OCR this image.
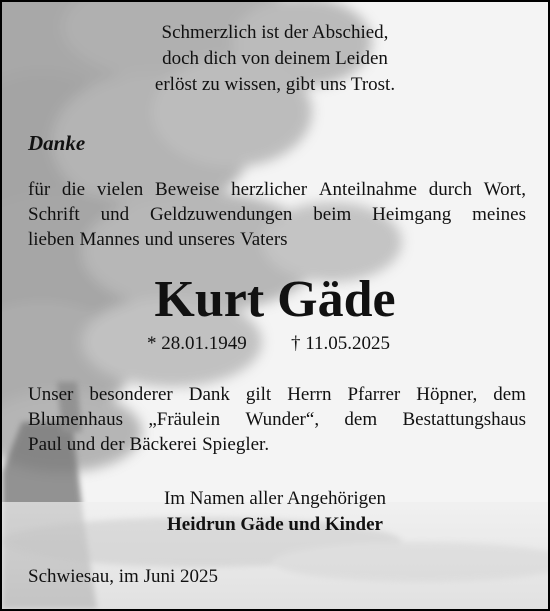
Schmerzlich ist der Abschied,
doch dich von deinem Leiden
erlöst zu wissen, gibt uns Trost.
Danke
für die vielen Beweise herzlicher Anteilnahme durch Wort,
Schrift und Geldzuwendungen beim Heimgang meines
lieben Mannes und unseres Vaters
Kurt Gäde
* 28.01.1949 † 11.05.2025
Unser besonderer Dank gilt Herrn Pfarrer Höpner, dem
Blumenhaus „Fräulein Wunder“, dem Bestattungshaus
Paul und der Bäckerei Spiegler.
Im Namen aller Angehörigen
Heidrun Gäde und Kinder
Schwiesau, im Juni 2025
